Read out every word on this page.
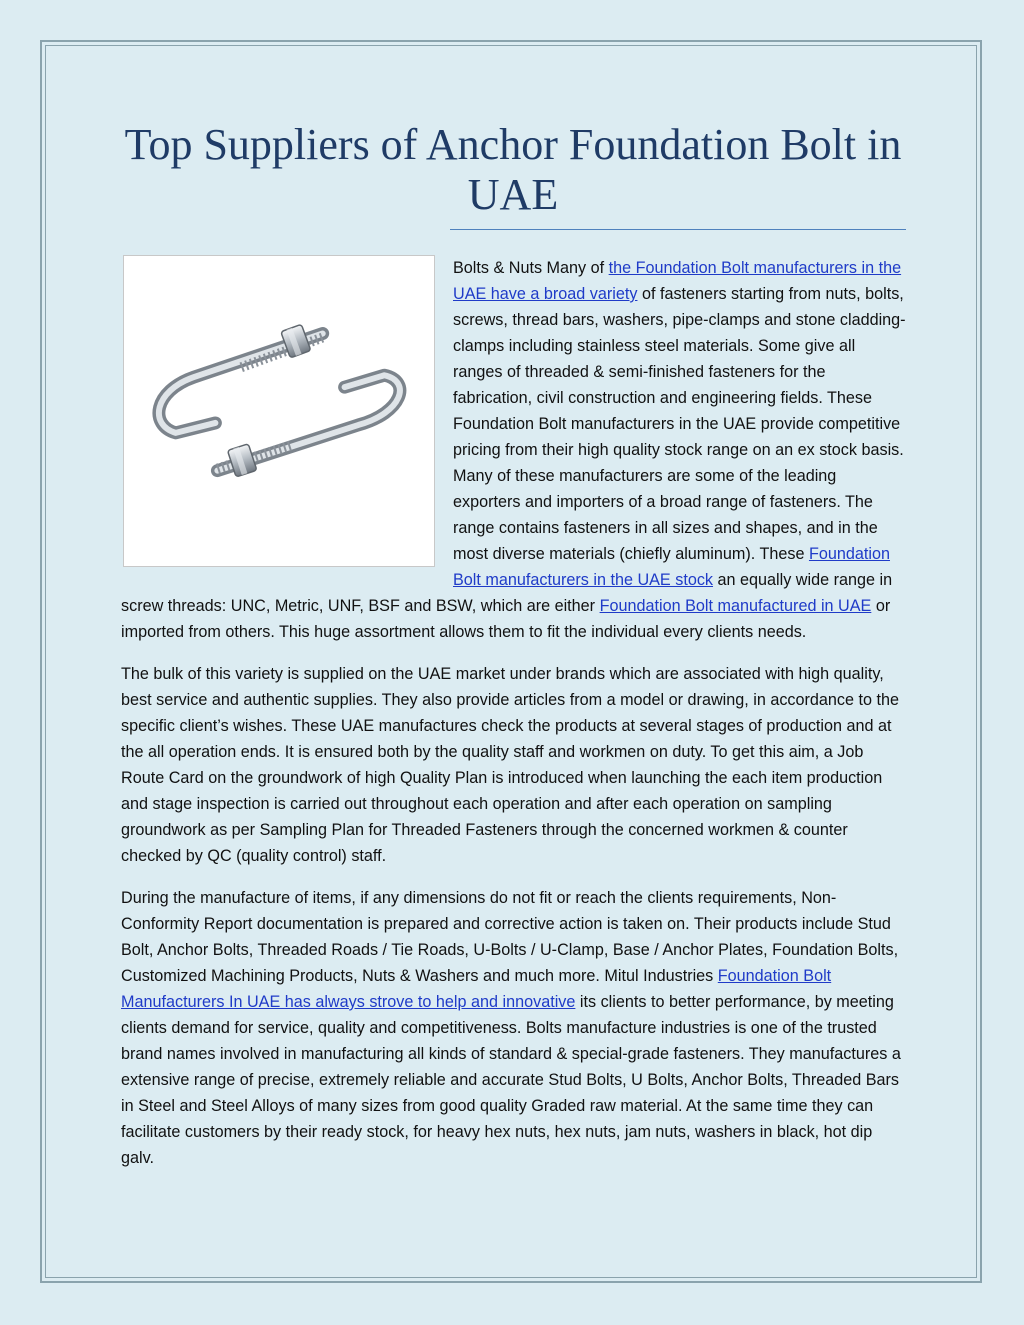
Top Suppliers of Anchor Foundation Bolt in UAE

Bolts & Nuts Many of the Foundation Bolt manufacturers in the UAE have a broad variety of fasteners starting from nuts, bolts, screws, thread bars, washers, pipe-clamps and stone cladding-clamps including stainless steel materials. Some give all ranges of threaded & semi-finished fasteners for the fabrication, civil construction and engineering fields. These Foundation Bolt manufacturers in the UAE provide competitive pricing from their high quality stock range on an ex stock basis. Many of these manufacturers are some of the leading exporters and importers of a broad range of fasteners. The range contains fasteners in all sizes and shapes, and in the most diverse materials (chiefly aluminum). These Foundation Bolt manufacturers in the UAE stock an equally wide range in screw threads: UNC, Metric, UNF, BSF and BSW, which are either Foundation Bolt manufactured in UAE or imported from others. This huge assortment allows them to fit the individual every clients needs.

The bulk of this variety is supplied on the UAE market under brands which are associated with high quality, best service and authentic supplies. They also provide articles from a model or drawing, in accordance to the specific client’s wishes. These UAE manufactures check the products at several stages of production and at the all operation ends. It is ensured both by the quality staff and workmen on duty. To get this aim, a Job Route Card on the groundwork of high Quality Plan is introduced when launching the each item production and stage inspection is carried out throughout each operation and after each operation on sampling groundwork as per Sampling Plan for Threaded Fasteners through the concerned workmen & counter checked by QC (quality control) staff.

During the manufacture of items, if any dimensions do not fit or reach the clients requirements, Non-Conformity Report documentation is prepared and corrective action is taken on. Their products include Stud Bolt, Anchor Bolts, Threaded Roads / Tie Roads, U-Bolts / U-Clamp, Base / Anchor Plates, Foundation Bolts, Customized Machining Products, Nuts & Washers and much more. Mitul Industries Foundation Bolt Manufacturers In UAE has always strove to help and innovative its clients to better performance, by meeting clients demand for service, quality and competitiveness. Bolts manufacture industries is one of the trusted brand names involved in manufacturing all kinds of standard & special-grade fasteners. They manufactures a extensive range of precise, extremely reliable and accurate Stud Bolts, U Bolts, Anchor Bolts, Threaded Bars in Steel and Steel Alloys of many sizes from good quality Graded raw material. At the same time they can facilitate customers by their ready stock, for heavy hex nuts, hex nuts, jam nuts, washers in black, hot dip galv.
